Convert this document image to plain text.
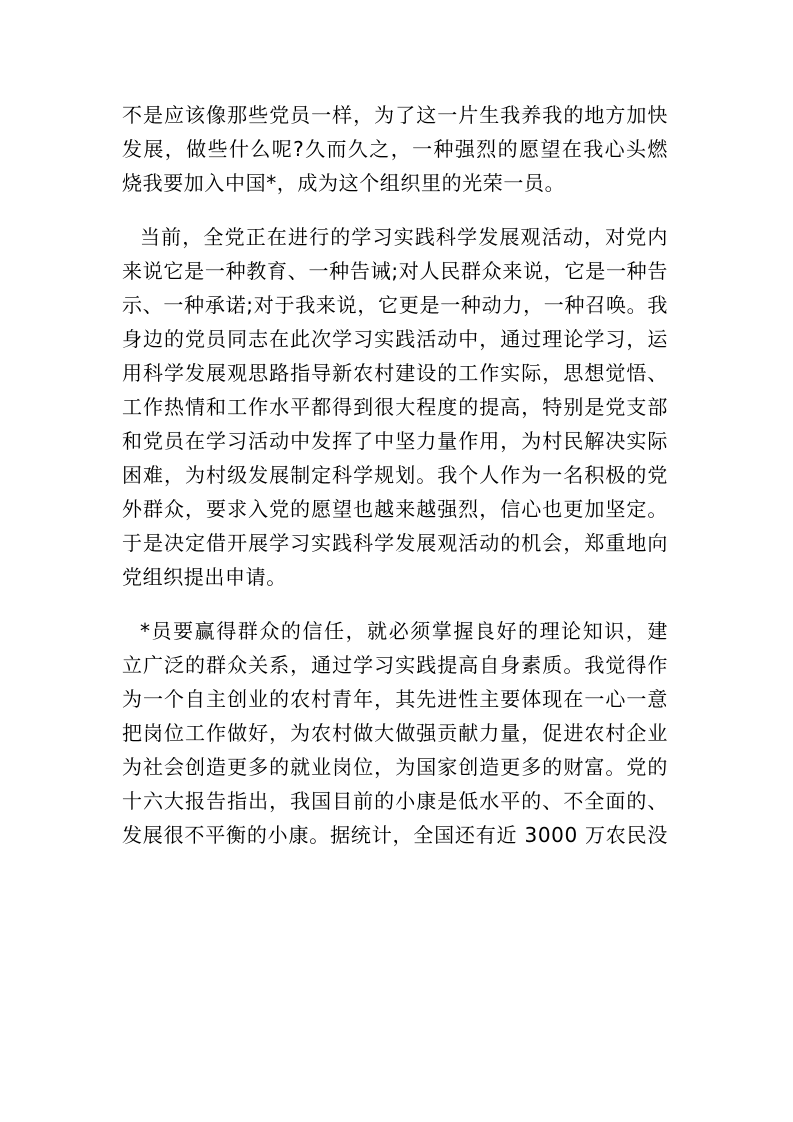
不是应该像那些党员一样，为了这一片生我养我的地方加快
发展，做些什么呢?久而久之，一种强烈的愿望在我心头燃
烧我要加入中国*，成为这个组织里的光荣一员。

当前，全党正在进行的学习实践科学发展观活动，对党内
来说它是一种教育、一种告诫;对人民群众来说，它是一种告
示、一种承诺;对于我来说，它更是一种动力，一种召唤。我
身边的党员同志在此次学习实践活动中，通过理论学习，运
用科学发展观思路指导新农村建设的工作实际，思想觉悟、
工作热情和工作水平都得到很大程度的提高，特别是党支部
和党员在学习活动中发挥了中坚力量作用，为村民解决实际
困难，为村级发展制定科学规划。我个人作为一名积极的党
外群众，要求入党的愿望也越来越强烈，信心也更加坚定。
于是决定借开展学习实践科学发展观活动的机会，郑重地向
党组织提出申请。

*员要赢得群众的信任，就必须掌握良好的理论知识，建
立广泛的群众关系，通过学习实践提高自身素质。我觉得作
为一个自主创业的农村青年，其先进性主要体现在一心一意
把岗位工作做好，为农村做大做强贡献力量，促进农村企业
为社会创造更多的就业岗位，为国家创造更多的财富。党的
十六大报告指出，我国目前的小康是低水平的、不全面的、
发展很不平衡的小康。据统计，全国还有近 3000 万农民没
